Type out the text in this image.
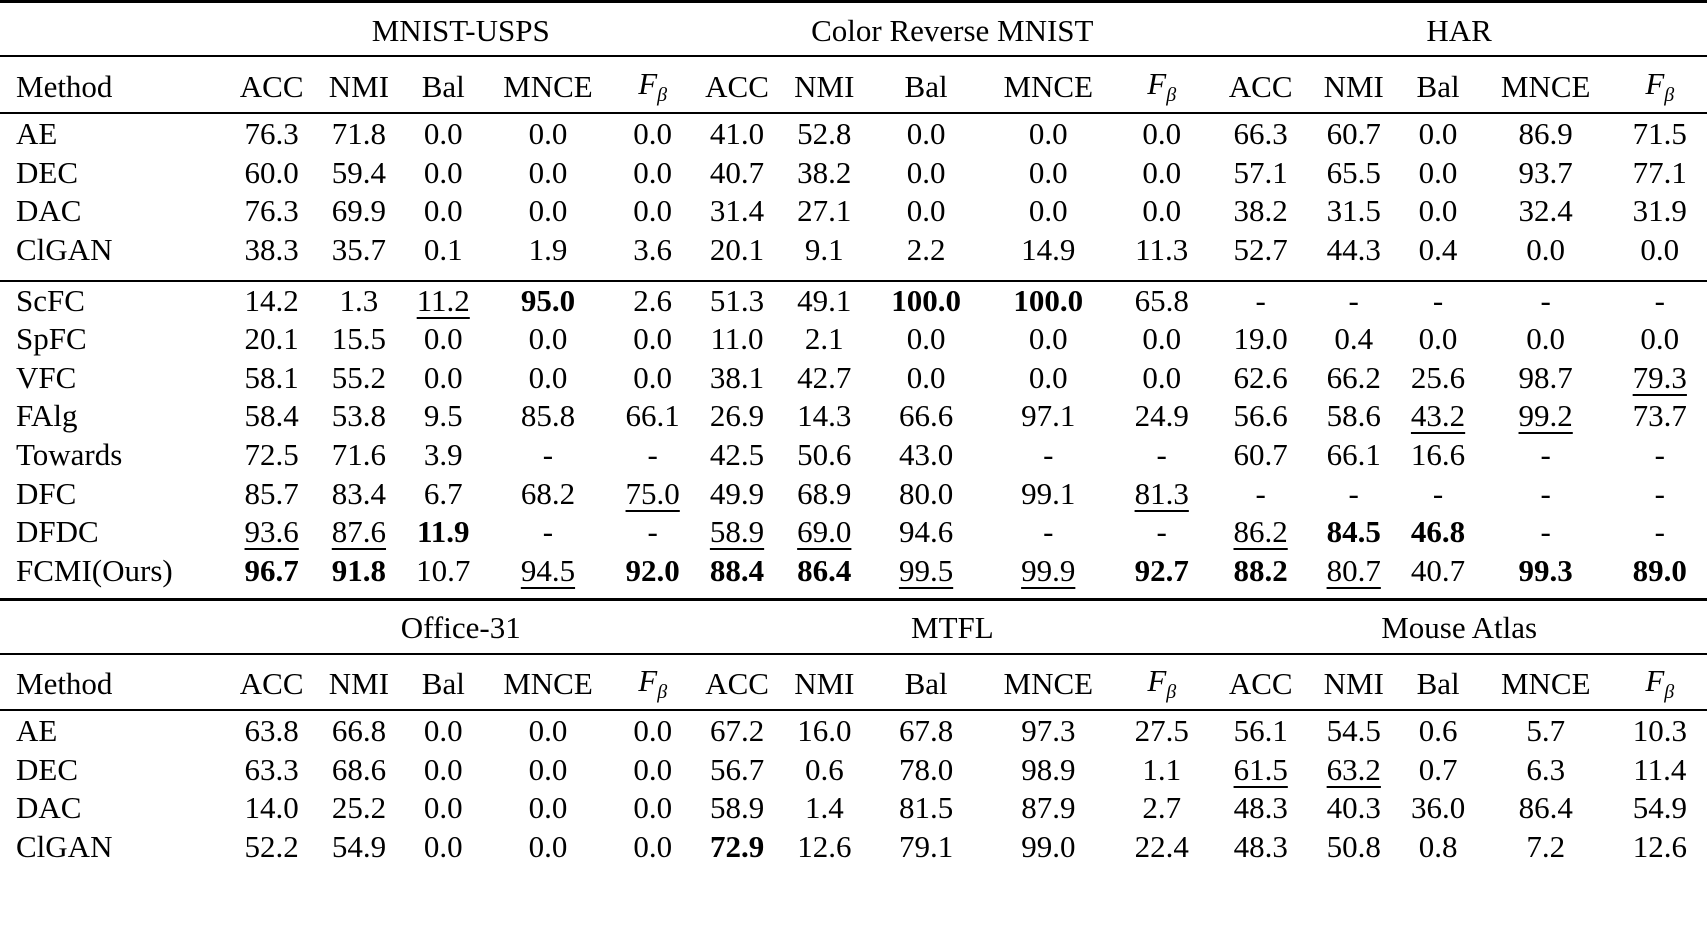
	MNIST-USPS					Color Reverse MNIST					HAR				
Method	ACC	NMI	Bal	MNCE	$F_\beta$	ACC	NMI	Bal	MNCE	$F_\beta$	ACC	NMI	Bal	MNCE	$F_\beta$
AE	76.3	71.8	0.0	0.0	0.0	41.0	52.8	0.0	0.0	0.0	66.3	60.7	0.0	86.9	71.5
DEC	60.0	59.4	0.0	0.0	0.0	40.7	38.2	0.0	0.0	0.0	57.1	65.5	0.0	93.7	77.1
DAC	76.3	69.9	0.0	0.0	0.0	31.4	27.1	0.0	0.0	0.0	38.2	31.5	0.0	32.4	31.9
ClGAN	38.3	35.7	0.1	1.9	3.6	20.1	9.1	2.2	14.9	11.3	52.7	44.3	0.4	0.0	0.0

ScFC	14.2	1.3	11.2	95.0	2.6	51.3	49.1	100.0	100.0	65.8	-	-	-	-	-
SpFC	20.1	15.5	0.0	0.0	0.0	11.0	2.1	0.0	0.0	0.0	19.0	0.4	0.0	0.0	0.0
VFC	58.1	55.2	0.0	0.0	0.0	38.1	42.7	0.0	0.0	0.0	62.6	66.2	25.6	98.7	79.3
FAlg	58.4	53.8	9.5	85.8	66.1	26.9	14.3	66.6	97.1	24.9	56.6	58.6	43.2	99.2	73.7
Towards	72.5	71.6	3.9	-	-	42.5	50.6	43.0	-	-	60.7	66.1	16.6	-	-
DFC	85.7	83.4	6.7	68.2	75.0	49.9	68.9	80.0	99.1	81.3	-	-	-	-	-
DFDC	93.6	87.6	11.9	-	-	58.9	69.0	94.6	-	-	86.2	84.5	46.8	-	-
FCMI(Ours)	96.7	91.8	10.7	94.5	92.0	88.4	86.4	99.5	99.9	92.7	88.2	80.7	40.7	99.3	89.0
	Office-31					MTFL					Mouse Atlas				
Method	ACC	NMI	Bal	MNCE	$F_\beta$	ACC	NMI	Bal	MNCE	$F_\beta$	ACC	NMI	Bal	MNCE	$F_\beta$
AE	63.8	66.8	0.0	0.0	0.0	67.2	16.0	67.8	97.3	27.5	56.1	54.5	0.6	5.7	10.3
DEC	63.3	68.6	0.0	0.0	0.0	56.7	0.6	78.0	98.9	1.1	61.5	63.2	0.7	6.3	11.4
DAC	14.0	25.2	0.0	0.0	0.0	58.9	1.4	81.5	87.9	2.7	48.3	40.3	36.0	86.4	54.9
ClGAN	52.2	54.9	0.0	0.0	0.0	72.9	12.6	79.1	99.0	22.4	48.3	50.8	0.8	7.2	12.6
